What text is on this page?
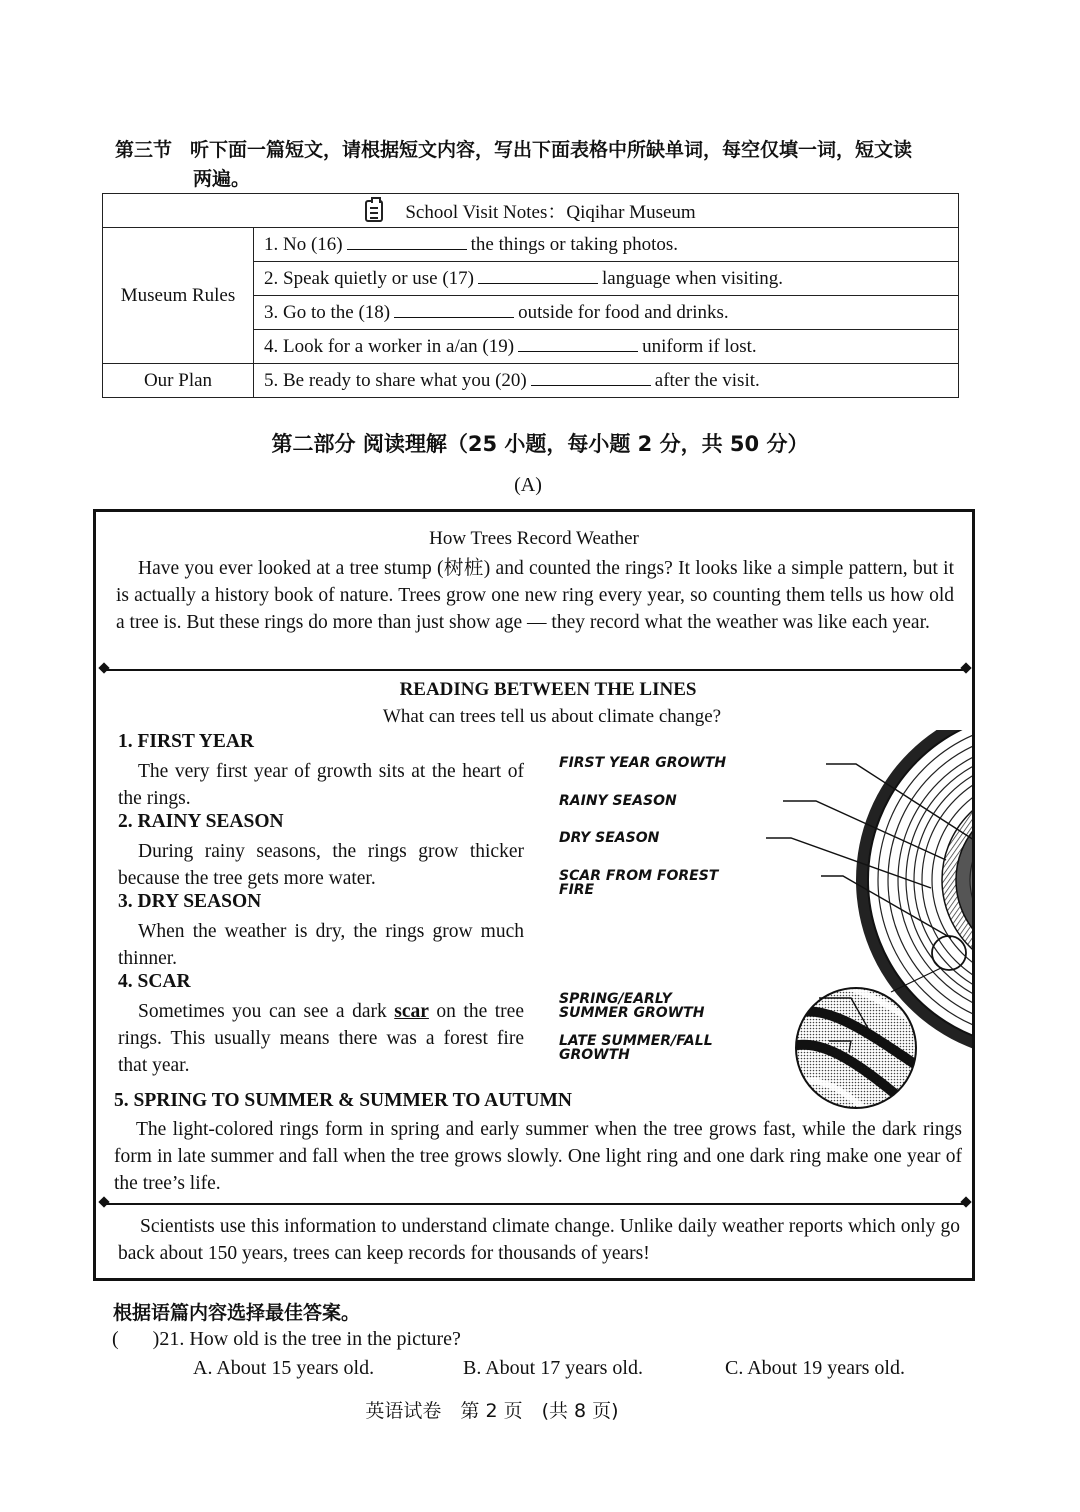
第三节 听下面一篇短文，请根据短文内容，写出下面表格中所缺单词，每空仅填一词，短文读
两遍。
School Visit Notes：Qiqihar Museum	
Museum Rules	1. No (16) the things or taking photos.
	2. Speak quietly or use (17) language when visiting.
	3. Go to the (18) outside for food and drinks.
	4. Look for a worker in a/an (19) uniform if lost.
Our Plan	5. Be ready to share what you (20) after the visit.
第二部分 阅读理解（25 小题，每小题 2 分，共 50 分）
(A)
How Trees Record Weather
Have you ever looked at a tree stump (树桩) and counted the rings? It looks like a simple pattern, but it is actually a history book of nature. Trees grow one new ring every year, so counting them tells us how old a tree is. But these rings do more than just show age — they record what the weather was like each year.
READING BETWEEN THE LINES
What can trees tell us about climate change?
1. FIRST YEAR
The very first year of growth sits at the heart of the rings.
2. RAINY SEASON
During rainy seasons, the rings grow thicker because the tree gets more water.
3. DRY SEASON
When the weather is dry, the rings grow much thinner.
4. SCAR
Sometimes you can see a dark scar on the tree rings. This usually means there was a forest fire that year.
FIRST YEAR GROWTH
RAINY SEASON
DRY SEASON
SCAR FROM FOREST
FIRE
SPRING/EARLY
SUMMER GROWTH
LATE SUMMER/FALL
GROWTH
5. SPRING TO SUMMER & SUMMER TO AUTUMN
The light-colored rings form in spring and early summer when the tree grows fast, while the dark rings form in late summer and fall when the tree grows slowly. One light ring and one dark ring make one year of the tree’s life.
Scientists use this information to understand climate change. Unlike daily weather reports which only go back about 150 years, trees can keep records for thousands of years!
根据语篇内容选择最佳答案。
( )21. How old is the tree in the picture?
A. About 15 years old.	B. About 17 years old.	C. About 19 years old.
英语试卷　第 2 页　(共 8 页)
